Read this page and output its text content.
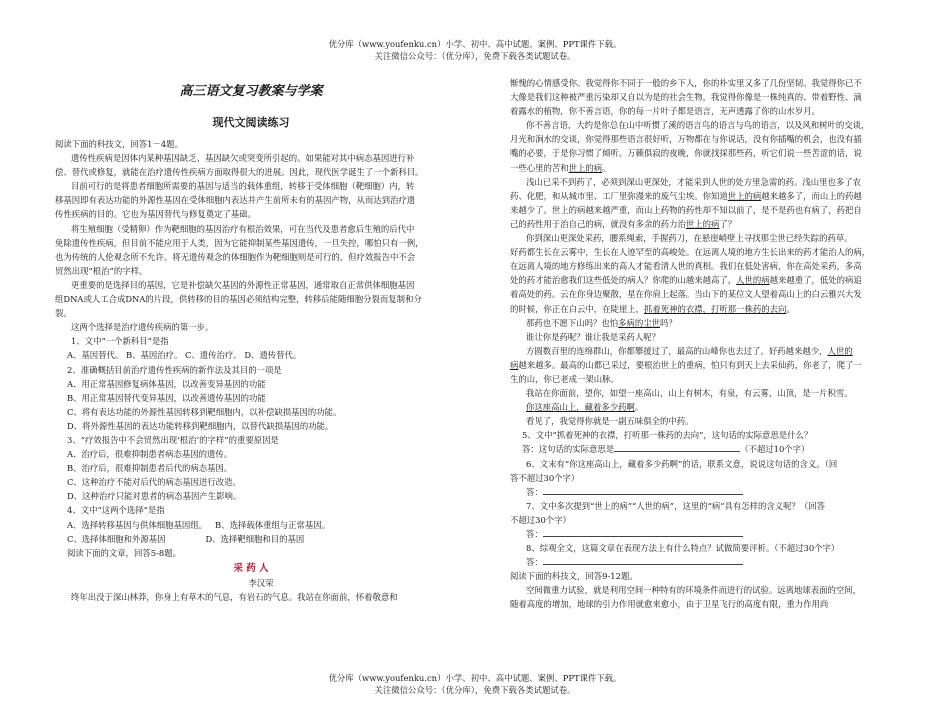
优分库（www.youfenku.cn）小学、初中、高中试题、案例、PPT课件下载。
关注微信公众号：（优分库），免费下载各类试题试卷。

高三语文复习教案与学案

现代文阅读练习

阅读下面的科技文，回答1－4题。

遗传性疾病是因体内某种基因缺乏、基因缺欠或突变所引起的。如果能对其中病态基因进行补

偿、替代或修复，就能在治疗遗传性疾病方面取得很大的进展。因此，现代医学诞生了一个新科目。

目前可行的是将患者细胞所需要的基因与适当的载体重组，转移于受体细胞（靶细胞）内，转

移基因即有表达功能的外源性基因在受体细胞内表达并产生前所未有的基因产物，从而达到治疗遗

传性疾病的目的。它也为基因替代与修复奠定了基础。

将生殖细胞（受精卵）作为靶细胞的基因治疗有根治效果，可在当代及患者愈后生殖的后代中

免除遗传性疾病，但目前不能应用于人类，因为它能抑制某些基因遗传，一旦失控，哪怕只有一例，

也为传统的人伦观念所不允许。将无遗传观念的体细胞作为靶细胞则是可行的，但疗效报告中不会

贸然出现“根治”的字样。

更重要的是选择目的基因，它是补偿缺欠基因的外源性正常基因，通常取自正常供体细胞基因

组DNA或人工合成DNA的片段，供转移的目的基因必须结构完整，转移后能随细胞分裂而复制和分

裂。

这两个选择是治疗遗传疾病的第一步。

1、文中“一个新科目”是指

A、基因替代。 B、基因治疗。 C、遗传治疗。 D、遗传替代。

2、准确概括目前治疗遗传性疾病的新作法及其目的一项是

A、用正常基因修复病体基因，以改善变异基因的功能

B、用正常基因替代变异基因，以改善遗传基因的功能

C、将有表达功能的外源性基因转移到靶细胞内，以补偿缺损基因的功能。

D、将外源性基因的表达功能转移到靶细胞内，以替代缺损基因的功能。

3、“疗效报告中不会贸然出现‘根治’的字样”的重要原因是

A、治疗后，很难抑制患者病态基因的遗传。

B、治疗后，很难抑制患者后代的病态基因。

C、这种治疗不能对后代的病态基因进行改造。

D、这种治疗只能对患者的病态基因产生影响。

4、文中“这两个选择”是指

A、选择转移基因与供体细胞基因组。   B、选择载体重组与正常基因。

C、选择体细胞和外源基因               D、选择靶细胞和目的基因

阅读下面的文章，回答5-8题。

采 药 人

李汉荣

终年出没于深山林莽，你身上有草木的气息，有岩石的气息。我站在你面前，怀着敬意和

惭愧的心情感受你。我觉得你不同于一般的乡下人，你的朴实里又多了几份坚韧。我觉得你已不

大像是我们这种被严重污染却又自以为是的社会生物，我觉得你像是一株纯真的、带着野性、滴

着露水的植物，你不善言语，你的每一片叶子都是语言，无声透露了你的山水岁月。

你不善言语，大约是你总在山中听惯了溪的语言鸟的语言与鸟的语言，以及风和树叶的交谈，

月光和涧水的交谈，你觉得那些语言很好听，万物都在与你说话，没有你插嘴的机会，也没有插

嘴的必要，于是你习惯了倾听。万籁俱寂的夜晚，你就找採那些药，听它们说一些苦涩的话，说

一些心里的苦和世上的病。

浅山已采不到药了，必须到深山更深处，才能采到人世的处方里急需的药。浅山里也多了农

药、化肥，和从城市里、工厂里弥漫来的废气尘埃。你知道世上的病越来越多了，而山上的药越

来越少了。世上的病越来越严重，而山上药物的药性却不知以前了，是不是药也有病了，药把自

己的药性用于治自己的病，就没有多余的药力治世上的病了？

你到深山更深处采药，腰系绳索，手握药刀，在悬崖峭壁上寻找那尘世已经失踪的药草。

好药都生长在云雾中，生长在人迹罕至的高峻处。在远离人境的地方生长出来的药才能治人的病，

在远离人境的地方修练出来的高人才能看清人世的真相。我们在低处害病，你在高处采药，多高

处的药才能治愈我们这些低处的病人？你爬的山越来越高了，人世的病越来越重了，低处的病追

着高处的药。云在你身边聚散，星在你肩上起落。当山下的某位文人望着高山上的白云雅兴大发

的时候，你正在白云中，在陡崖上，抓着死神的衣襟，打听那一株药的去向。

那药也不愿下山吗？也怕多病的尘世吗？

谁让你是药呢？谁让我是采药人呢？

方圆数百里的连绵群山，你都攀援过了，最高的山峰你也去过了。好药越来越少，人世的

病越来越多。最高的山都已采过，要根治世上的重病，怕只有到天上去采仙药，你老了，爬了一

生的山，你已老成一架山脉。

我站在你面前，望你，如望一座高山，山上有树木，有泉，有云雾，山顶，是一片积雪。

你这座高山上，藏着多少药啊。

看见了，我觉得你就是一副五味俱全的中药。

5、文中“抓着死神的衣襟，打听那一株药的去向”，这句话的实际意思是什么？

答：这句话的实际意思是	（不超过10个字）

6、文末有“你这座高山上，藏着多少药啊”的话，联系文意，说说这句话的含义。（回

答不超过30个字）

答：

7、文中多次提到“世上的病”“人世的病”，这里的“病”具有怎样的含义呢？（回答

不超过30个字）

答：

8、综观全文，这篇文章在表现方法上有什么特点？试做简要评析。（不超过30个字）

答：

阅读下面的科技文，回答9-12题。

空间微重力试验，就是利用空间一种特有的环境条件而进行的试验。远离地球表面的空间，

随着高度的增加，地球的引力作用就愈来愈小，由于卫星飞行的高度有限，重力作用尚

优分库（www.youfenku.cn）小学、初中、高中试题、案例、PPT课件下载。
关注微信公众号：（优分库），免费下载各类试题试卷。
